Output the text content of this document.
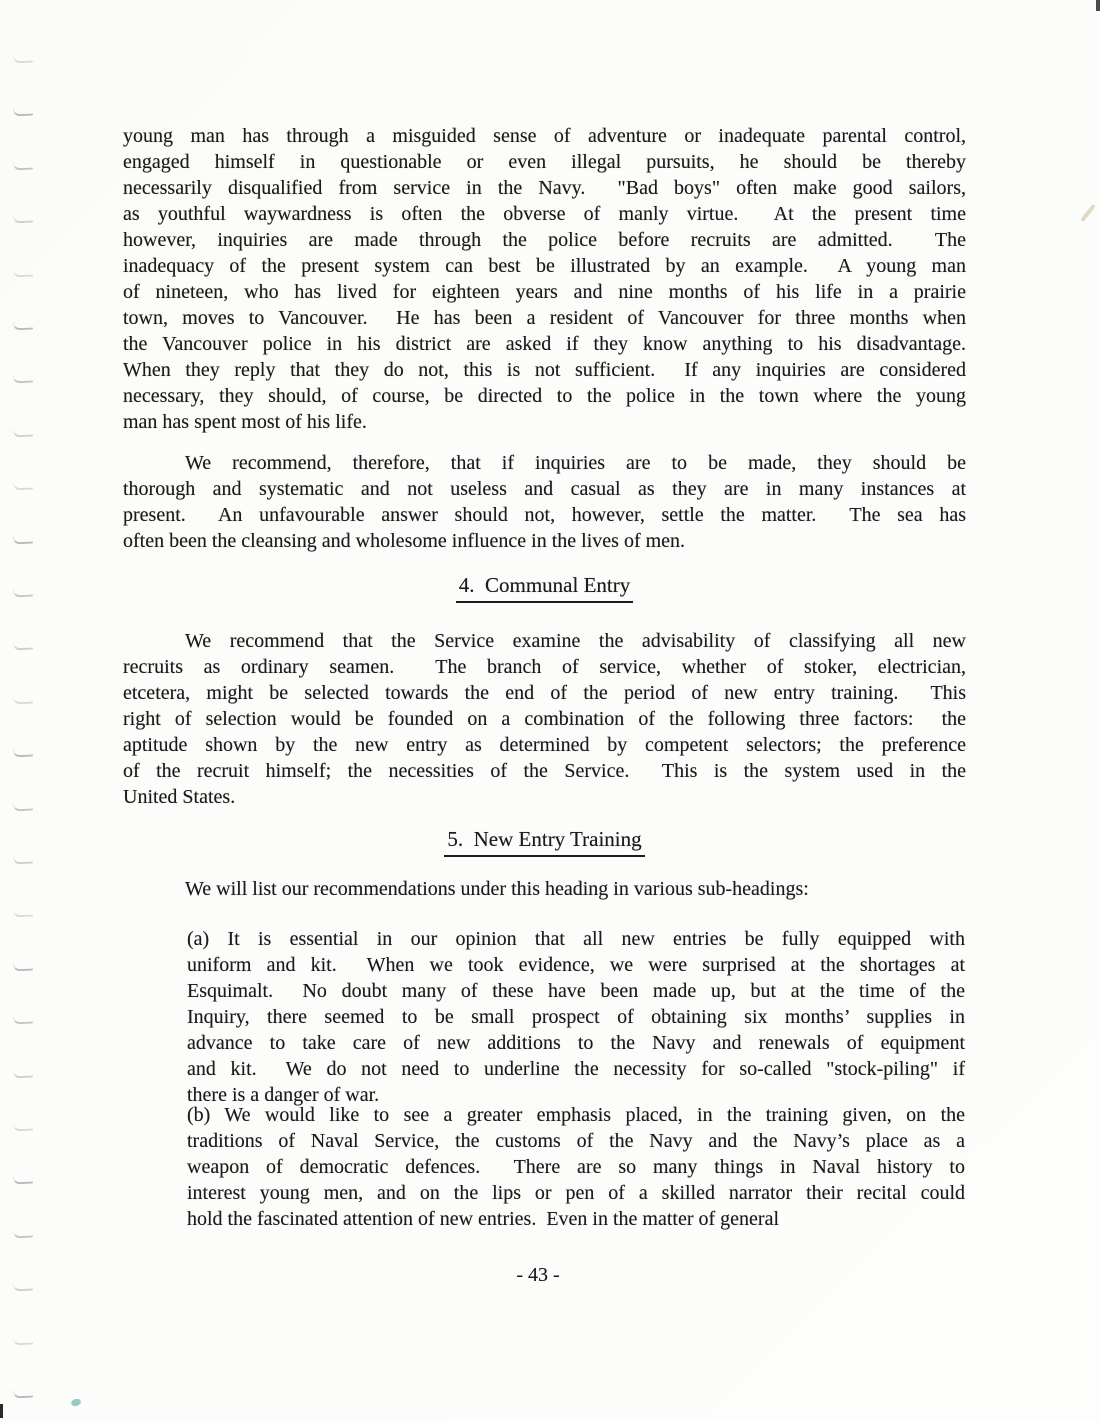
young man has through a misguided sense of adventure or inadequate parental control,
engaged himself in questionable or even illegal pursuits, he should be thereby
necessarily disqualified from service in the Navy.  "Bad boys" often make good sailors,
as youthful waywardness is often the obverse of manly virtue.  At the present time
however, inquiries are made through the police before recruits are admitted.  The
inadequacy of the present system can best be illustrated by an example.  A young man
of nineteen, who has lived for eighteen years and nine months of his life in a prairie
town, moves to Vancouver.  He has been a resident of Vancouver for three months when
the Vancouver police in his district are asked if they know anything to his disadvantage.
When they reply that they do not, this is not sufficient.  If any inquiries are considered
necessary, they should, of course, be directed to the police in the town where the young
man has spent most of his life.
We recommend, therefore, that if inquiries are to be made, they should be
thorough and systematic and not useless and casual as they are in many instances at
present.  An unfavourable answer should not, however, settle the matter.  The sea has
often been the cleansing and wholesome influence in the lives of men.
4.  Communal Entry
We recommend that the Service examine the advisability of classifying all new
recruits as ordinary seamen.  The branch of service, whether of stoker, electrician,
etcetera, might be selected towards the end of the period of new entry training.  This
right of selection would be founded on a combination of the following three factors:  the
aptitude shown by the new entry as determined by competent selectors; the preference
of the recruit himself; the necessities of the Service.  This is the system used in the
United States.
5.  New Entry Training
We will list our recommendations under this heading in various sub-headings:
(a) It is essential in our opinion that all new entries be fully equipped with
uniform and kit.  When we took evidence, we were surprised at the shortages at
Esquimalt.  No doubt many of these have been made up, but at the time of the
Inquiry, there seemed to be small prospect of obtaining six months’ supplies in
advance to take care of new additions to the Navy and renewals of equipment
and kit.  We do not need to underline the necessity for so-called "stock-piling" if
there is a danger of war.
(b) We would like to see a greater emphasis placed, in the training given, on the
traditions of Naval Service, the customs of the Navy and the Navy’s place as a
weapon of democratic defences.  There are so many things in Naval history to
interest young men, and on the lips or pen of a skilled narrator their recital could
hold the fascinated attention of new entries.  Even in the matter of general
- 43 -
